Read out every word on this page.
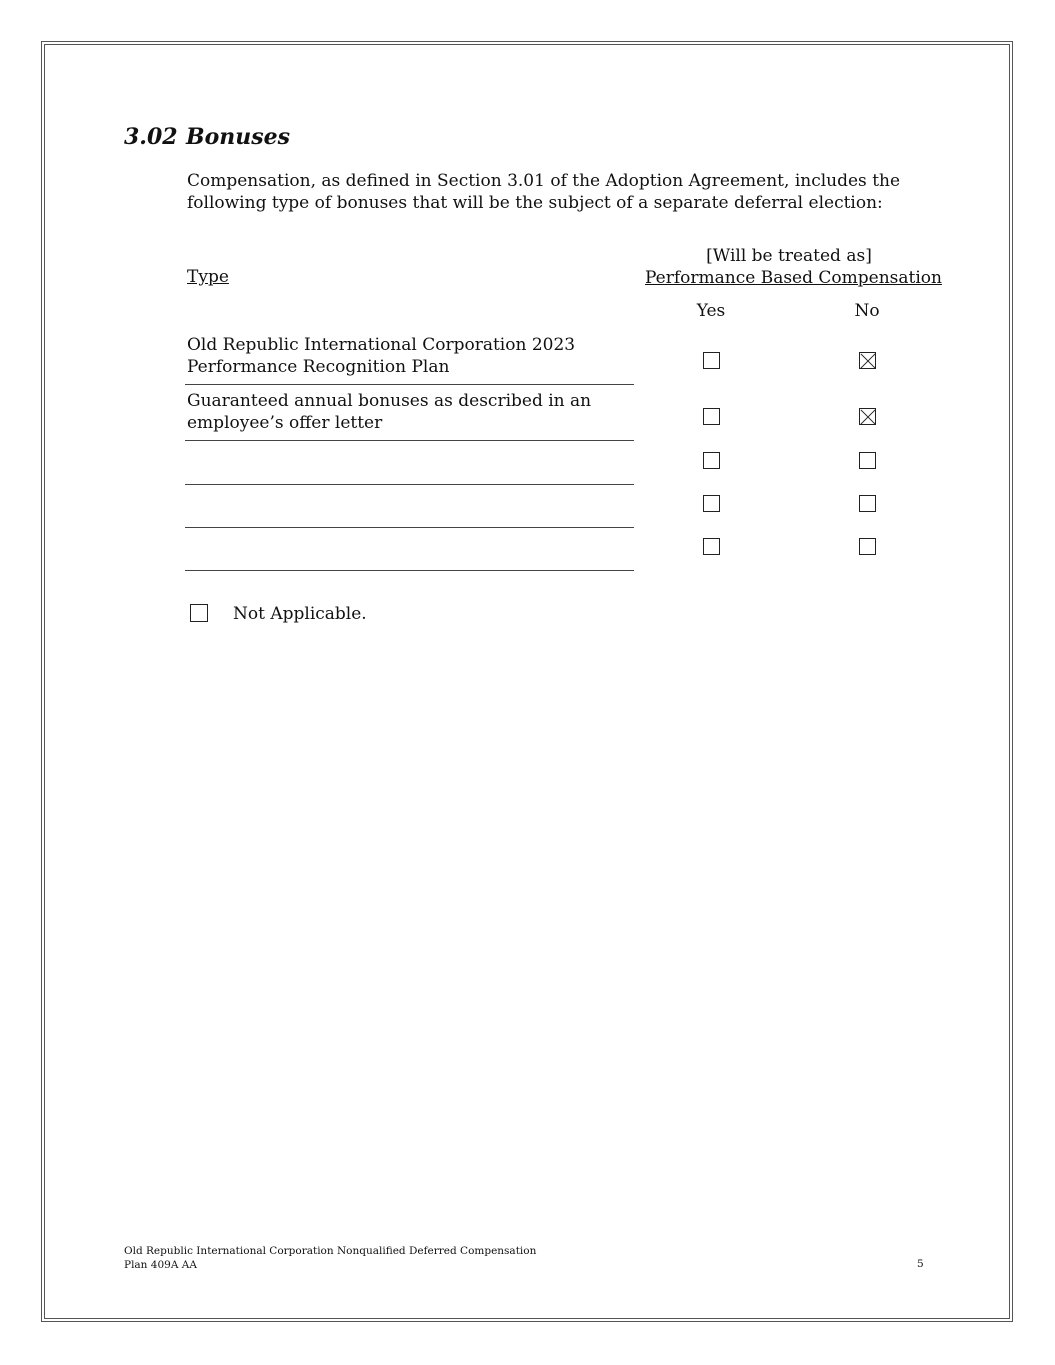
3.02 Bonuses
Compensation, as defined in Section 3.01 of the Adoption Agreement, includes the following type of bonuses that will be the subject of a separate deferral election:
[Will be treated as]
Performance Based Compensation
Type
Yes	No
Old Republic International Corporation 2023
Performance Recognition Plan
Guaranteed annual bonuses as described in an
employee’s offer letter
Not Applicable.
Old Republic International Corporation Nonqualified Deferred Compensation
Plan 409A AA	5
